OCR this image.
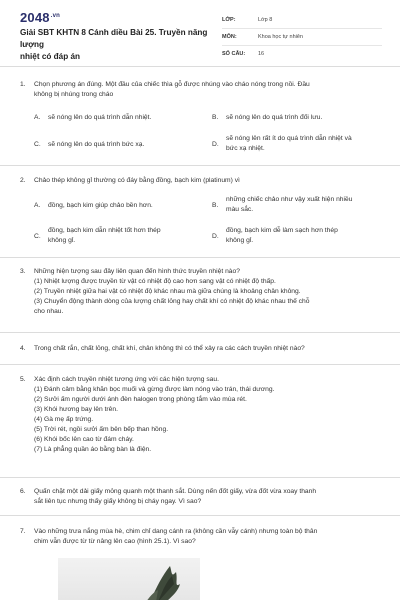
$2048^{.vn}$
Giải SBT KHTN 8 Cánh diều Bài 25. Truyền năng lượng
nhiệt có đáp án
LỚP:	Lớp 8
MÔN:	Khoa học tự nhiên
SỐ CÂU:	16
1. Chọn phương án đúng. Một đầu của chiếc thìa gỗ được nhúng vào cháo nóng trong nồi. Đầu
không bị nhúng trong cháo
A. sẽ nóng lên do quá trình dẫn nhiệt.	B. sẽ nóng lên do quá trình đối lưu.
C. sẽ nóng lên do quá trình bức xạ.	D.
sẽ nóng lên rất ít do quá trình dẫn nhiệt và
bức xạ nhiệt.
2. Chảo thép không gỉ thường có đáy bằng đồng, bạch kim (platinum) vì
A. đồng, bạch kim giúp chảo bền hơn.	B.
những chiếc chảo như vậy xuất hiện nhiều
màu sắc.
C.
đồng, bạch kim dẫn nhiệt tốt hơn thép
không gỉ.
D.
đồng, bạch kim dễ làm sạch hơn thép
không gỉ.
3. Những hiện tượng sau đây liên quan đến hình thức truyền nhiệt nào?
(1) Nhiệt lượng được truyền từ vật có nhiệt độ cao hơn sang vật có nhiệt độ thấp.
(2) Truyền nhiệt giữa hai vật có nhiệt độ khác nhau mà giữa chúng là khoảng chân không.
(3) Chuyển động thành dòng của lượng chất lỏng hay chất khí có nhiệt độ khác nhau thế chỗ
cho nhau.
4. Trong chất rắn, chất lỏng, chất khí, chân không thì có thể xảy ra các cách truyền nhiệt nào?
5. Xác định cách truyền nhiệt tương ứng với các hiện tượng sau.
(1) Đánh cảm bằng khăn bọc muối và gừng được làm nóng vào trán, thái dương.
(2) Sưởi ấm người dưới ánh đèn halogen trong phòng tắm vào mùa rét.
(3) Khói hương bay lên trên.
(4) Gà mẹ ấp trứng.
(5) Trời rét, ngồi sưởi ấm bên bếp than hồng.
(6) Khói bốc lên cao từ đám cháy.
(7) Là phẳng quần áo bằng bàn là điện.
6. Quấn chặt một dải giấy mỏng quanh một thanh sắt. Dùng nến đốt giấy, vừa đốt vừa xoay thanh
sắt liên tục nhưng thấy giấy không bị cháy ngay. Vì sao?
7. Vào những trưa nắng mùa hè, chim chỉ dang cánh ra (không cần vẫy cánh) nhưng toàn bộ thân
chim vẫn được từ từ nâng lên cao (hình 25.1). Vì sao?
